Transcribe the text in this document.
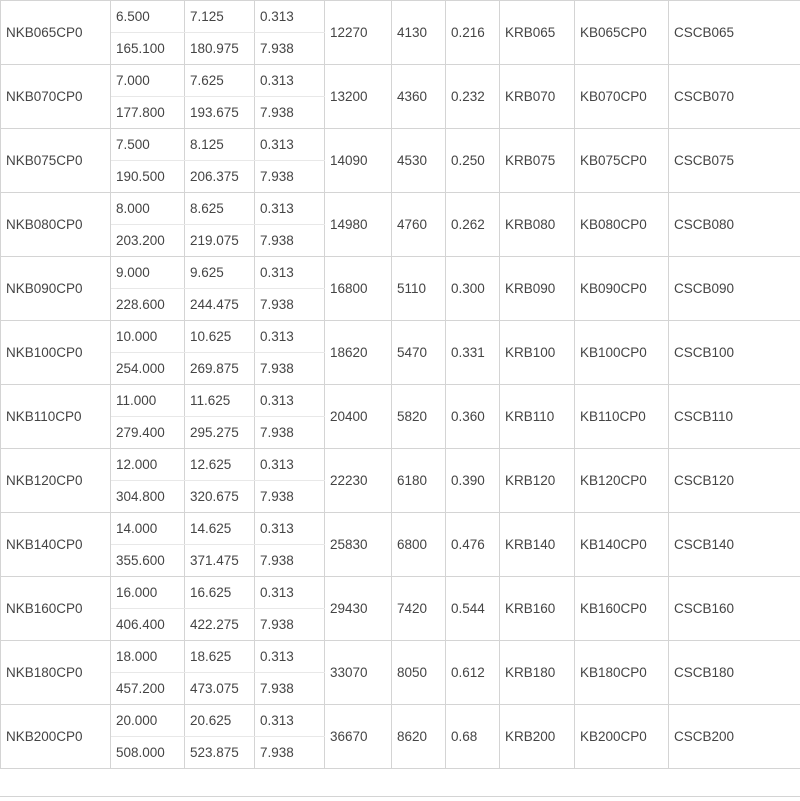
NKB065CP0	6.500	7.125	0.313	12270	4130	0.216	KRB065	KB065CP0	CSCB065
	165.100	180.975	7.938						
NKB070CP0	7.000	7.625	0.313	13200	4360	0.232	KRB070	KB070CP0	CSCB070
	177.800	193.675	7.938						
NKB075CP0	7.500	8.125	0.313	14090	4530	0.250	KRB075	KB075CP0	CSCB075
	190.500	206.375	7.938						
NKB080CP0	8.000	8.625	0.313	14980	4760	0.262	KRB080	KB080CP0	CSCB080
	203.200	219.075	7.938						
NKB090CP0	9.000	9.625	0.313	16800	5110	0.300	KRB090	KB090CP0	CSCB090
	228.600	244.475	7.938						
NKB100CP0	10.000	10.625	0.313	18620	5470	0.331	KRB100	KB100CP0	CSCB100
	254.000	269.875	7.938						
NKB110CP0	11.000	11.625	0.313	20400	5820	0.360	KRB110	KB110CP0	CSCB110
	279.400	295.275	7.938						
NKB120CP0	12.000	12.625	0.313	22230	6180	0.390	KRB120	KB120CP0	CSCB120
	304.800	320.675	7.938						
NKB140CP0	14.000	14.625	0.313	25830	6800	0.476	KRB140	KB140CP0	CSCB140
	355.600	371.475	7.938						
NKB160CP0	16.000	16.625	0.313	29430	7420	0.544	KRB160	KB160CP0	CSCB160
	406.400	422.275	7.938						
NKB180CP0	18.000	18.625	0.313	33070	8050	0.612	KRB180	KB180CP0	CSCB180
	457.200	473.075	7.938						
NKB200CP0	20.000	20.625	0.313	36670	8620	0.68	KRB200	KB200CP0	CSCB200
	508.000	523.875	7.938						
